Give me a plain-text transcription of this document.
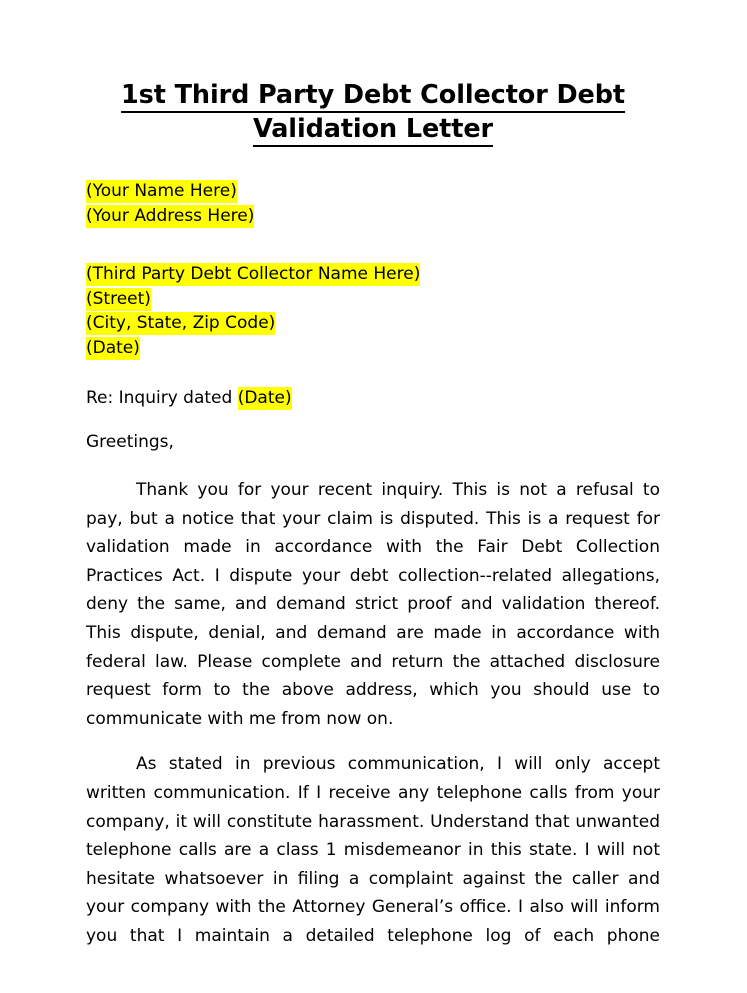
1st Third Party Debt Collector Debt
Validation Letter
(Your Name Here)
(Your Address Here)
(Third Party Debt Collector Name Here)
(Street)
(City, State, Zip Code)
(Date)

Re: Inquiry dated (Date)

Greetings,

Thank you for your recent inquiry. This is not a refusal to pay, but a notice that your claim is disputed. This is a request for validation made in accordance with the Fair Debt Collection Practices Act. I dispute your debt collection--related allegations, deny the same, and demand strict proof and validation thereof. This dispute, denial, and demand are made in accordance with federal law. Please complete and return the attached disclosure request form to the above address, which you should use to communicate with me from now on.

As stated in previous communication, I will only accept written communication. If I receive any telephone calls from your company, it will constitute harassment. Understand that unwanted telephone calls are a class 1 misdemeanor in this state. I will not hesitate whatsoever in filing a complaint against the caller and your company with the Attorney General’s office. I also will inform you that I maintain a detailed telephone log of each phone
